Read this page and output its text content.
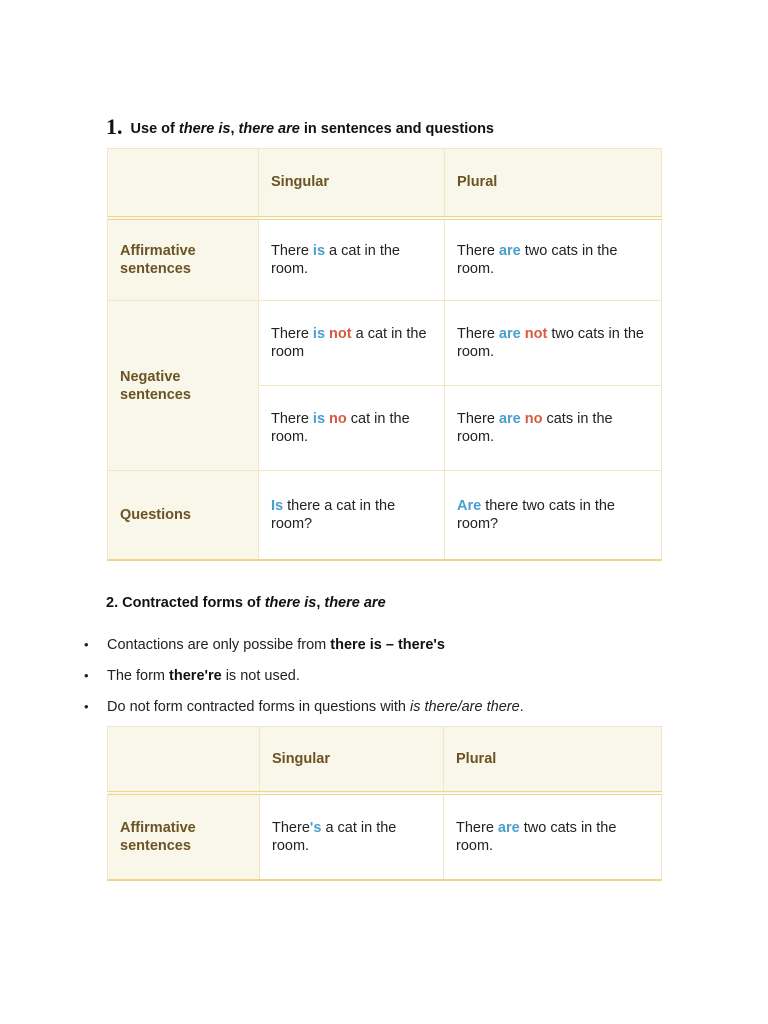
1. Use of there is, there are in sentences and questions
	Singular	Plural
Affirmative sentences	There is a cat in the room.	There are two cats in the room.
Negative sentences	There is not a cat in the room	There are not two cats in the room.
	There is no cat in the room.	There are no cats in the room.
Questions	Is there a cat in the room?	Are there two cats in the room?
2. Contracted forms of there is, there are
• Contactions are only possibe from there is – there's
• The form there're is not used.
• Do not form contracted forms in questions with is there/are there.
	Singular	Plural
Affirmative sentences	There's a cat in the room.	There are two cats in the room.
